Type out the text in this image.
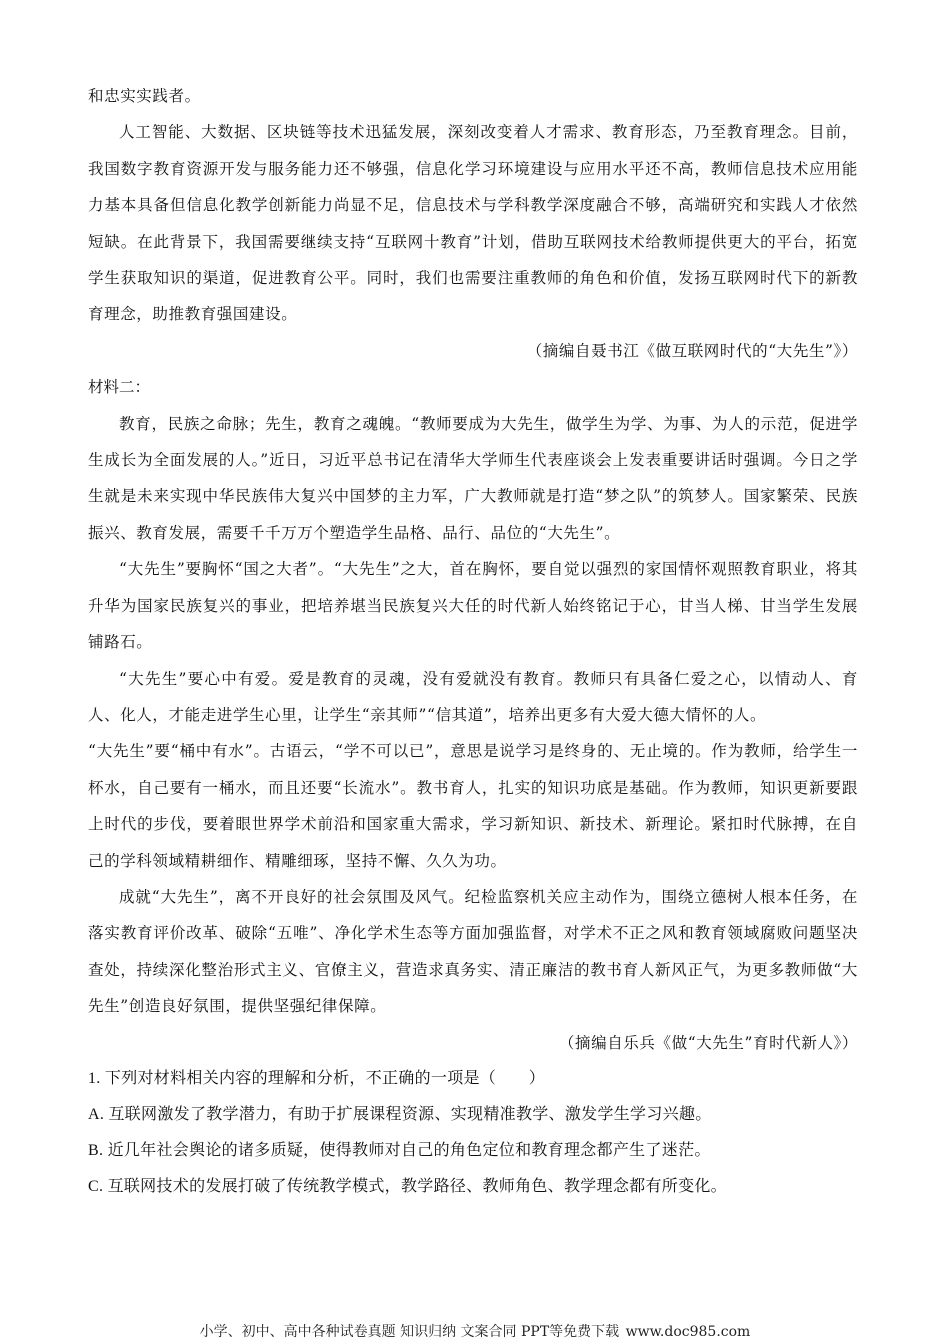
和忠实实践者。

人工智能、大数据、区块链等技术迅猛发展，深刻改变着人才需求、教育形态，乃至教育理念。目前，我国数字教育资源开发与服务能力还不够强，信息化学习环境建设与应用水平还不高，教师信息技术应用能力基本具备但信息化教学创新能力尚显不足，信息技术与学科教学深度融合不够，高端研究和实践人才依然短缺。在此背景下，我国需要继续支持“互联网十教育”计划，借助互联网技术给教师提供更大的平台，拓宽学生获取知识的渠道，促进教育公平。同时，我们也需要注重教师的角色和价值，发扬互联网时代下的新教育理念，助推教育强国建设。

（摘编自聂书江《做互联网时代的“大先生”》）

材料二：

教育，民族之命脉；先生，教育之魂魄。“教师要成为大先生，做学生为学、为事、为人的示范，促进学生成长为全面发展的人。”近日，习近平总书记在清华大学师生代表座谈会上发表重要讲话时强调。今日之学生就是未来实现中华民族伟大复兴中国梦的主力军，广大教师就是打造“梦之队”的筑梦人。国家繁荣、民族振兴、教育发展，需要千千万万个塑造学生品格、品行、品位的“大先生”。

“大先生”要胸怀“国之大者”。“大先生”之大，首在胸怀，要自觉以强烈的家国情怀观照教育职业，将其升华为国家民族复兴的事业，把培养堪当民族复兴大任的时代新人始终铭记于心，甘当人梯、甘当学生发展铺路石。

“大先生”要心中有爱。爱是教育的灵魂，没有爱就没有教育。教师只有具备仁爱之心，以情动人、育人、化人，才能走进学生心里，让学生“亲其师”“信其道”，培养出更多有大爱大德大情怀的人。

“大先生”要“桶中有水”。古语云，“学不可以已”，意思是说学习是终身的、无止境的。作为教师，给学生一杯水，自己要有一桶水，而且还要“长流水”。教书育人，扎实的知识功底是基础。作为教师，知识更新要跟上时代的步伐，要着眼世界学术前沿和国家重大需求，学习新知识、新技术、新理论。紧扣时代脉搏，在自己的学科领域精耕细作、精雕细琢，坚持不懈、久久为功。

成就“大先生”，离不开良好的社会氛围及风气。纪检监察机关应主动作为，围绕立德树人根本任务，在落实教育评价改革、破除“五唯”、净化学术生态等方面加强监督，对学术不正之风和教育领域腐败问题坚决查处，持续深化整治形式主义、官僚主义，营造求真务实、清正廉洁的教书育人新风正气，为更多教师做“大先生”创造良好氛围，提供坚强纪律保障。

（摘编自乐兵《做“大先生”育时代新人》）

1. 下列对材料相关内容的理解和分析，不正确的一项是（　　）

A. 互联网激发了教学潜力，有助于扩展课程资源、实现精准教学、激发学生学习兴趣。

B. 近几年社会舆论的诸多质疑，使得教师对自己的角色定位和教育理念都产生了迷茫。

C. 互联网技术的发展打破了传统教学模式，教学路径、教师角色、教学理念都有所变化。

小学、初中、高中各种试卷真题 知识归纳 文案合同 PPT等免费下载 www.doc985.com
